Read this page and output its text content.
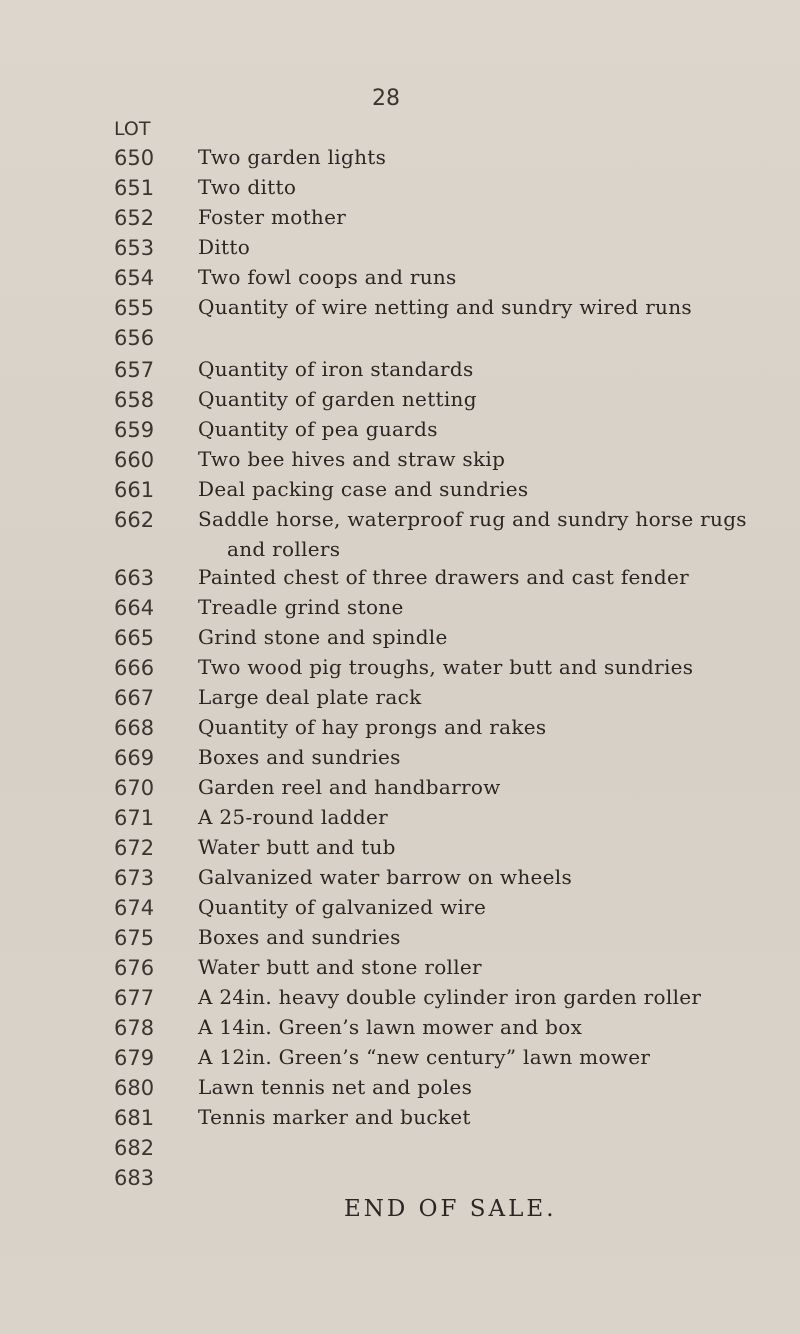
28
LOT
650 Two garden lights
651 Two ditto
652 Foster mother
653 Ditto
654 Two fowl coops and runs
655 Quantity of wire netting and sundry wired runs
656
657 Quantity of iron standards
658 Quantity of garden netting
659 Quantity of pea guards
660 Two bee hives and straw skip
661 Deal packing case and sundries
662 Saddle horse, waterproof rug and sundry horse rugs
and rollers
663 Painted chest of three drawers and cast fender
664 Treadle grind stone
665 Grind stone and spindle
666 Two wood pig troughs, water butt and sundries
667 Large deal plate rack
668 Quantity of hay prongs and rakes
669 Boxes and sundries
670 Garden reel and handbarrow
671 A 25-round ladder
672 Water butt and tub
673 Galvanized water barrow on wheels
674 Quantity of galvanized wire
675 Boxes and sundries
676 Water butt and stone roller
677 A 24in. heavy double cylinder iron garden roller
678 A 14in. Green’s lawn mower and box
679 A 12in. Green’s “new century” lawn mower
680 Lawn tennis net and poles
681 Tennis marker and bucket
682
683
END OF SALE.
